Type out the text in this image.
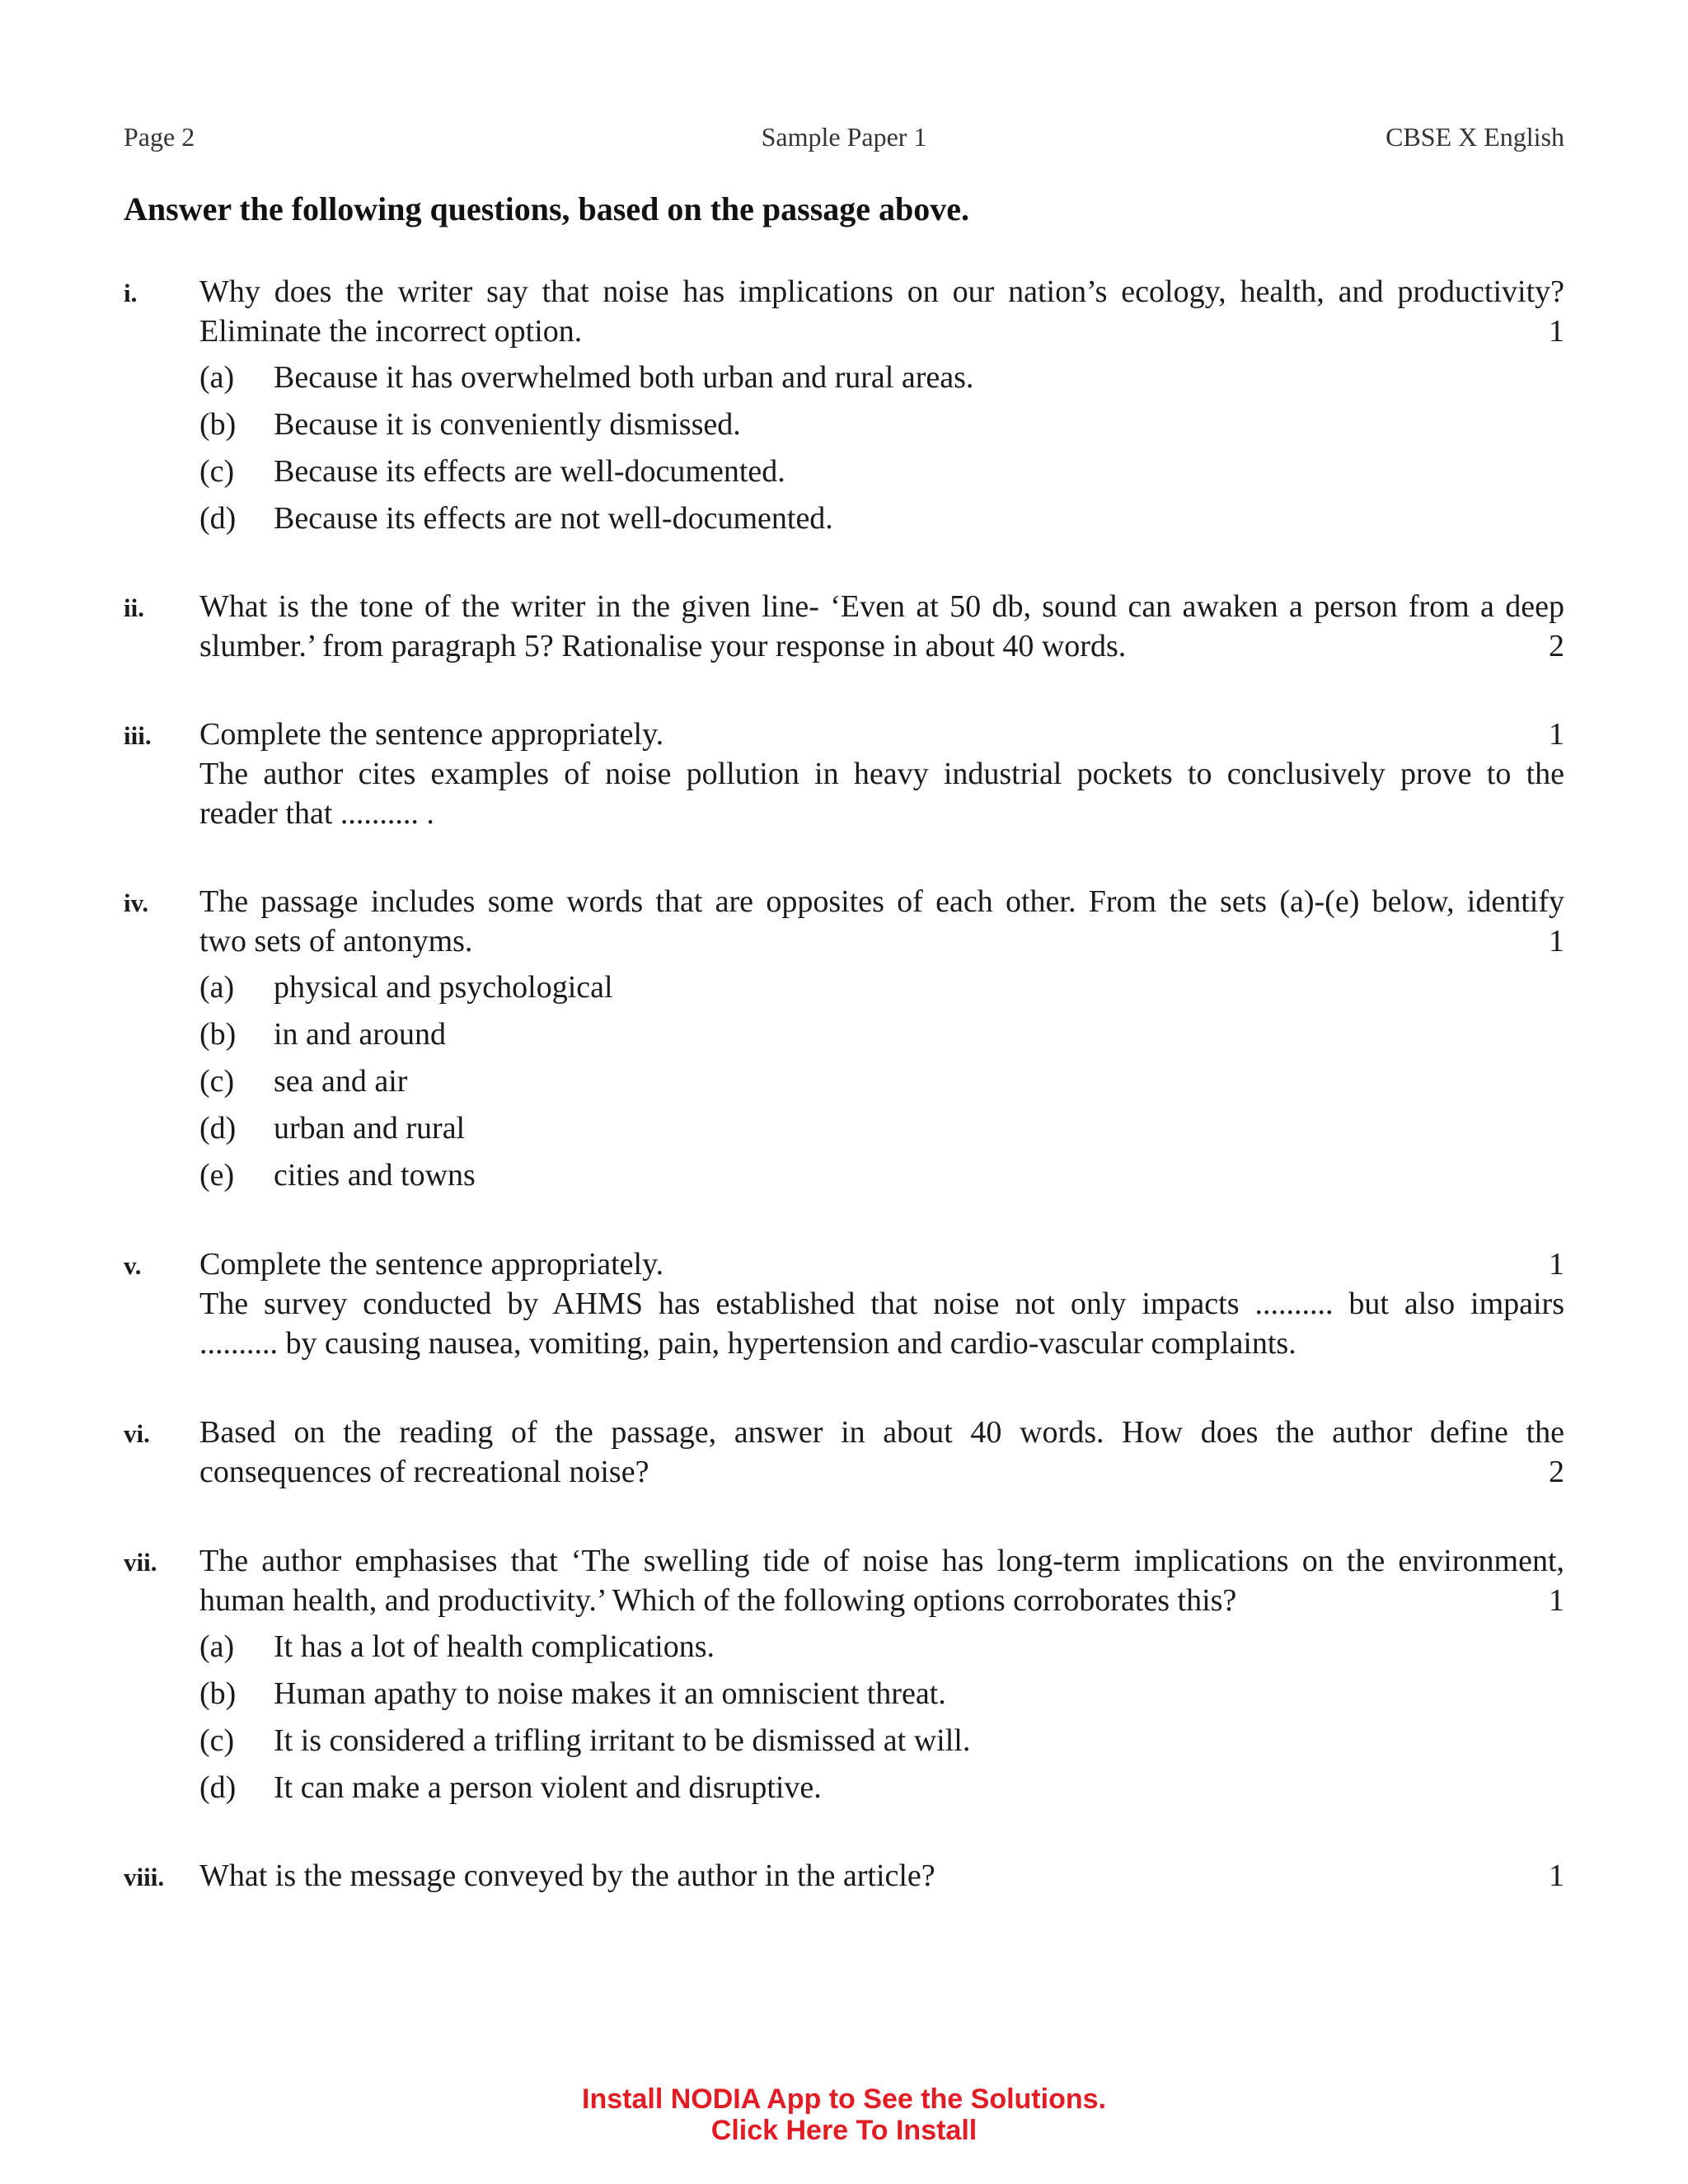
Page 2	Sample Paper 1	CBSE X English
Answer the following questions, based on the passage above.
i. Why does the writer say that noise has implications on our nation’s ecology, health, and productivity?
Eliminate the incorrect option.	1
(a) Because it has overwhelmed both urban and rural areas.
(b) Because it is conveniently dismissed.
(c) Because its effects are well-documented.
(d) Because its effects are not well-documented.
ii. What is the tone of the writer in the given line- ‘Even at 50 db, sound can awaken a person from a deep
slumber.’ from paragraph 5? Rationalise your response in about 40 words.	2
iii. Complete the sentence appropriately.	1
The author cites examples of noise pollution in heavy industrial pockets to conclusively prove to the
reader that .......... .
iv. The passage includes some words that are opposites of each other. From the sets (a)-(e) below, identify
two sets of antonyms.	1
(a) physical and psychological
(b) in and around
(c) sea and air
(d) urban and rural
(e) cities and towns
v. Complete the sentence appropriately.	1
The survey conducted by AHMS has established that noise not only impacts .......... but also impairs
.......... by causing nausea, vomiting, pain, hypertension and cardio-vascular complaints.
vi. Based on the reading of the passage, answer in about 40 words. How does the author define the
consequences of recreational noise?	2
vii. The author emphasises that ‘The swelling tide of noise has long-term implications on the environment,
human health, and productivity.’ Which of the following options corroborates this?	1
(a) It has a lot of health complications.
(b) Human apathy to noise makes it an omniscient threat.
(c) It is considered a trifling irritant to be dismissed at will.
(d) It can make a person violent and disruptive.
viii. What is the message conveyed by the author in the article?	1
Install NODIA App to See the Solutions.
Click Here To Install
